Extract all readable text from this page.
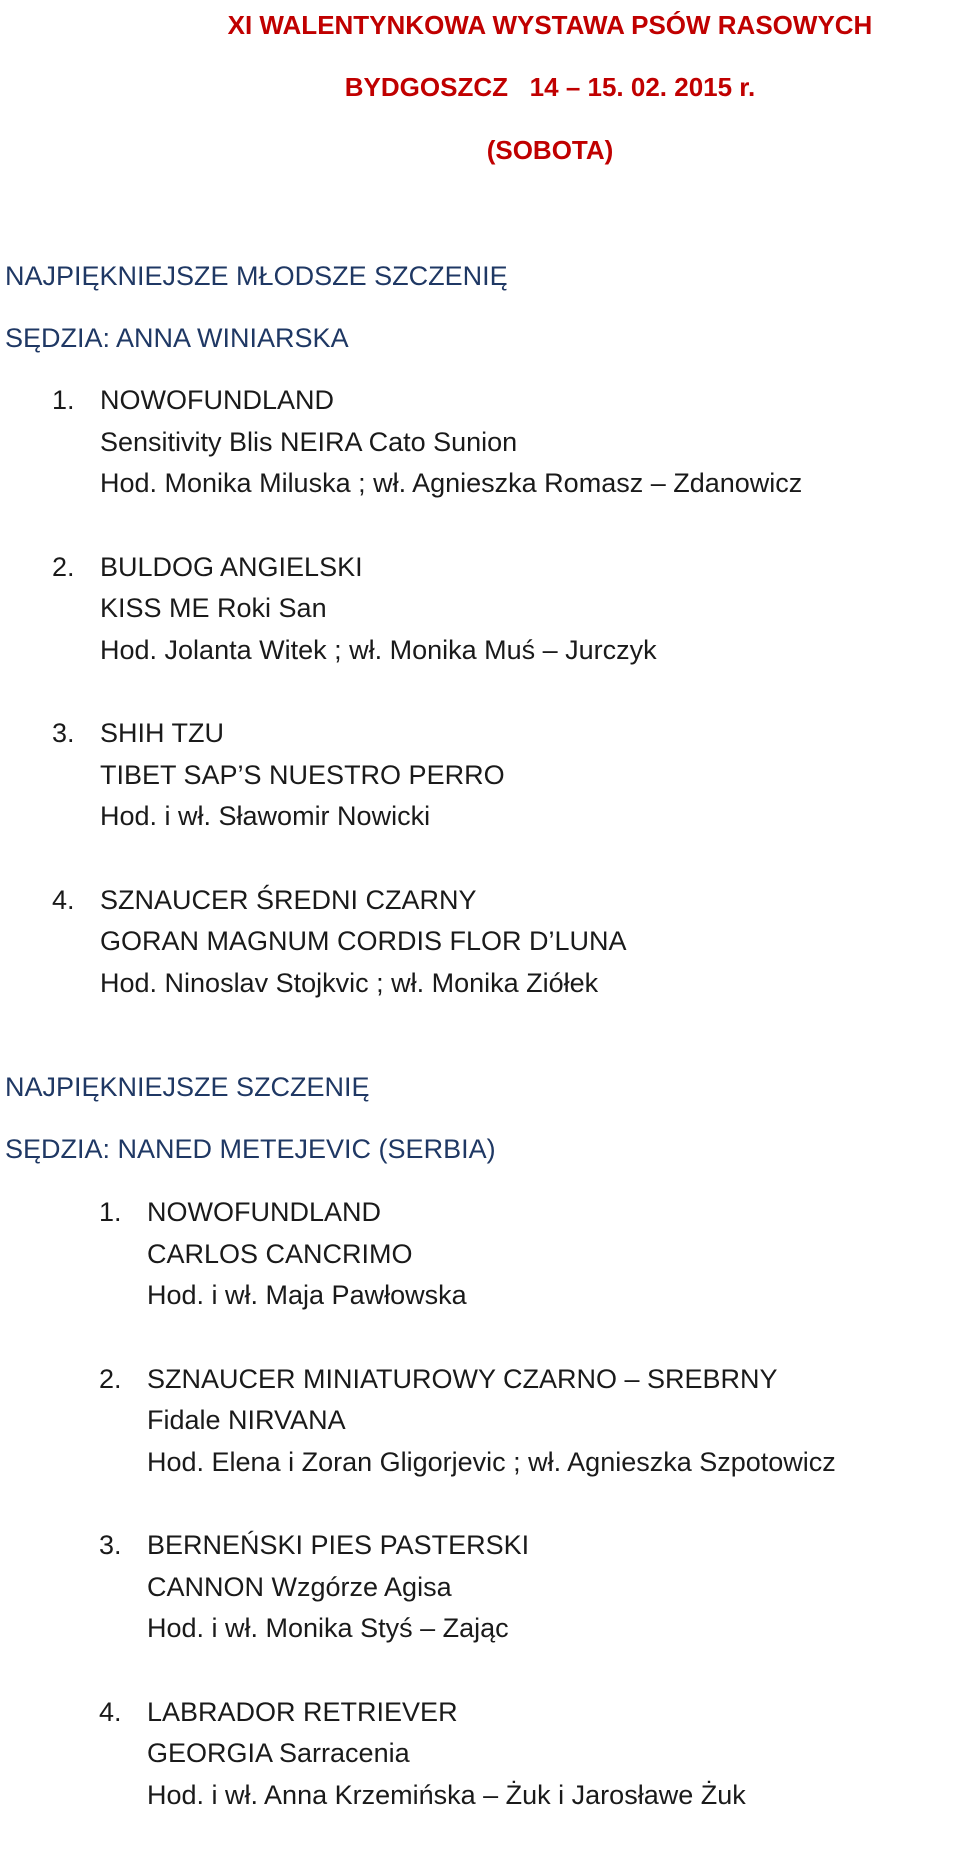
XI WALENTYNKOWA WYSTAWA PSÓW RASOWYCH
BYDGOSZCZ   14 – 15. 02. 2015 r.
(SOBOTA)
NAJPIĘKNIEJSZE MŁODSZE SZCZENIĘ
SĘDZIA: ANNA WINIARSKA
1. NOWOFUNDLAND
Sensitivity Blis NEIRA Cato Sunion
Hod. Monika Miluska ; wł. Agnieszka Romasz – Zdanowicz
2. BULDOG ANGIELSKI
KISS ME Roki San
Hod. Jolanta Witek ; wł. Monika Muś – Jurczyk
3. SHIH TZU
TIBET SAP’S NUESTRO PERRO
Hod. i wł. Sławomir Nowicki
4. SZNAUCER ŚREDNI CZARNY
GORAN MAGNUM CORDIS FLOR D’LUNA
Hod. Ninoslav Stojkvic ; wł. Monika Ziółek
NAJPIĘKNIEJSZE SZCZENIĘ
SĘDZIA: NANED METEJEVIC (SERBIA)
1. NOWOFUNDLAND
CARLOS CANCRIMO
Hod. i wł. Maja Pawłowska
2. SZNAUCER MINIATUROWY CZARNO – SREBRNY
Fidale NIRVANA
Hod. Elena i Zoran Gligorjevic ; wł. Agnieszka Szpotowicz
3. BERNEŃSKI PIES PASTERSKI
CANNON Wzgórze Agisa
Hod. i wł. Monika Styś – Zając
4. LABRADOR RETRIEVER
GEORGIA Sarracenia
Hod. i wł. Anna Krzemińska – Żuk i Jarosławe Żuk
